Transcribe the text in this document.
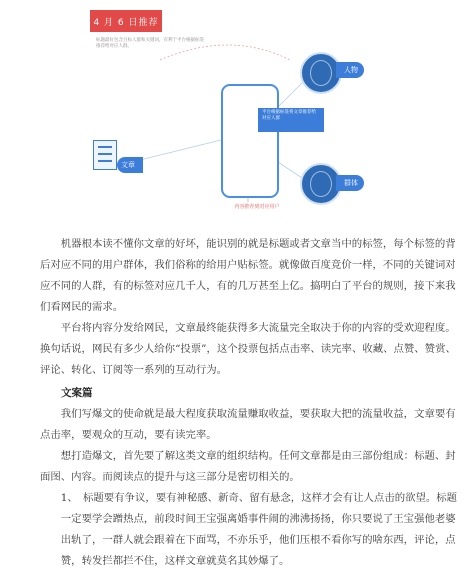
4 月 6 日推荐
标题最好包含目标人群和关键词，有利于平台根据标签推荐给对应人群。
平台根据标签将文章推荐给对应人群
人物
文章
群体
内容推荐到对应用户

机器根本读不懂你文章的好坏，能识别的就是标题或者文章当中的标签，每个标签的背后对应不同的用户群体，我们俗称的给用户贴标签。就像做百度竞价一样，不同的关键词对应不同的人群，有的标签对应几千人，有的几万甚至上亿。搞明白了平台的规则，接下来我们看网民的需求。

平台将内容分发给网民，文章最终能获得多大流量完全取决于你的内容的受欢迎程度。换句话说，网民有多少人给你“投票”，这个投票包括点击率、读完率、收藏、点赞、赞赏、评论、转化、订阅等一系列的互动行为。

文案篇

我们写爆文的使命就是最大程度获取流量赚取收益，要获取大把的流量收益，文章要有点击率，要观众的互动，要有读完率。

想打造爆文，首先要了解这类文章的组织结构。任何文章都是由三部份组成：标题、封面图、内容。而阅读点的提升与这三部分是密切相关的。

1、　标题要有争议，要有神秘感、新奇、留有悬念，这样才会有让人点击的欲望。标题一定要学会蹭热点，前段时间王宝强离婚事件闹的沸沸扬扬，你只要说了王宝强他老婆出轨了，一群人就会跟着在下面骂，不亦乐乎，他们压根不看你写的啥东西，评论，点赞，转发拦都拦不住，这样文章就莫名其妙爆了。
